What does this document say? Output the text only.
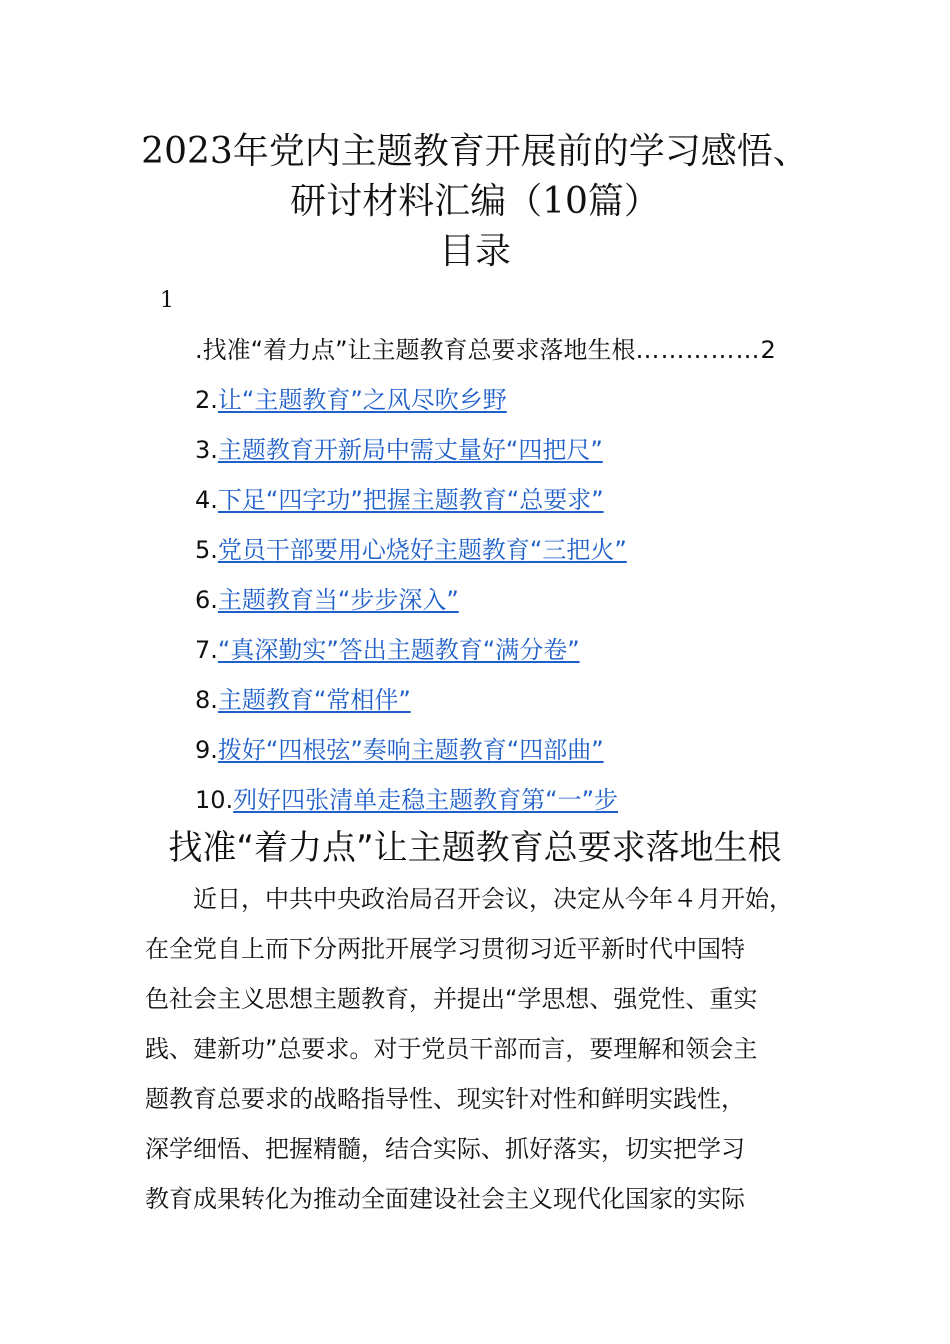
2023年党内主题教育开展前的学习感悟、
研讨材料汇编（10篇）
目录
1
.找准“着力点”让主题教育总要求落地生根……………2
2.让“主题教育”之风尽吹乡野
3.主题教育开新局中需丈量好“四把尺”
4.下足“四字功”把握主题教育“总要求”
5.党员干部要用心烧好主题教育“三把火”
6.主题教育当“步步深入”
7.“真深勤实”答出主题教育“满分卷”
8.主题教育“常相伴”
9.拨好“四根弦”奏响主题教育“四部曲”
10.列好四张清单走稳主题教育第“一”步
找准“着力点”让主题教育总要求落地生根
近日，中共中央政治局召开会议，决定从今年４月开始，
在全党自上而下分两批开展学习贯彻习近平新时代中国特
色社会主义思想主题教育，并提出“学思想、强党性、重实
践、建新功”总要求。对于党员干部而言，要理解和领会主
题教育总要求的战略指导性、现实针对性和鲜明实践性，
深学细悟、把握精髓，结合实际、抓好落实，切实把学习
教育成果转化为推动全面建设社会主义现代化国家的实际
